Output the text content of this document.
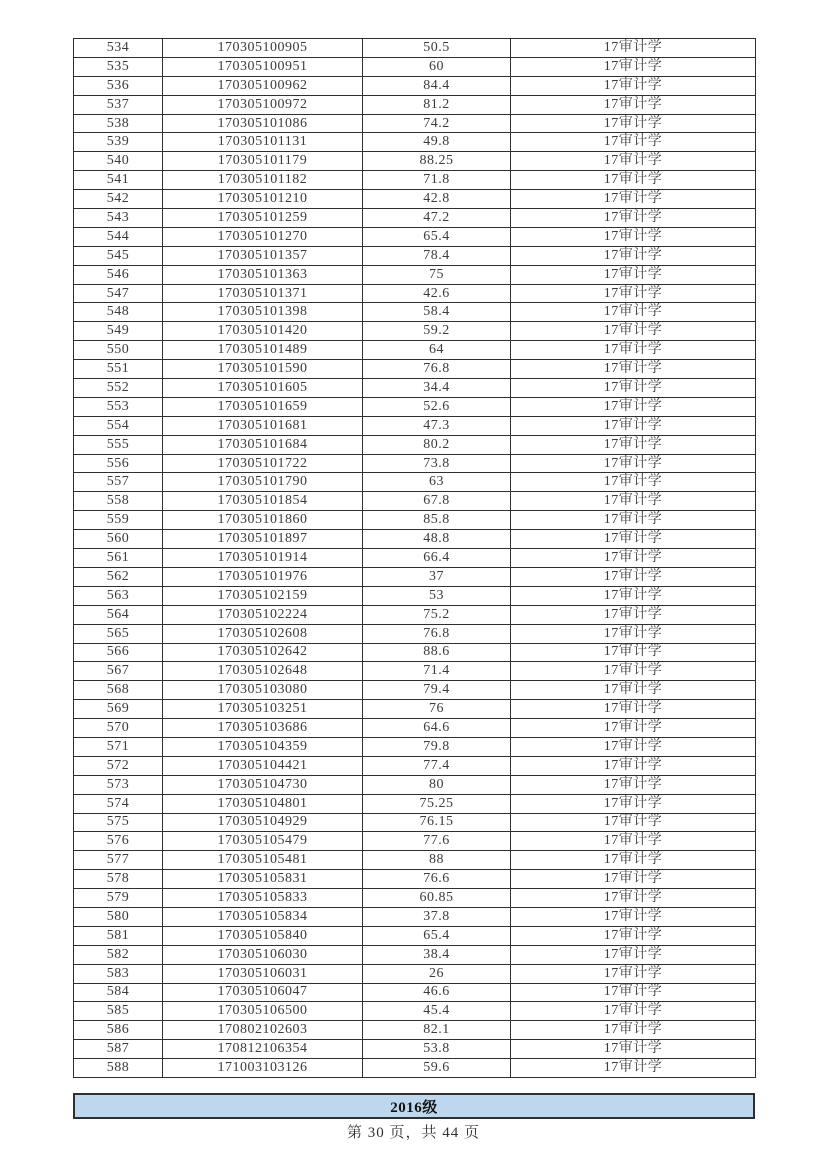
534	170305100905	50.5	17审计学
535	170305100951	60	17审计学
536	170305100962	84.4	17审计学
537	170305100972	81.2	17审计学
538	170305101086	74.2	17审计学
539	170305101131	49.8	17审计学
540	170305101179	88.25	17审计学
541	170305101182	71.8	17审计学
542	170305101210	42.8	17审计学
543	170305101259	47.2	17审计学
544	170305101270	65.4	17审计学
545	170305101357	78.4	17审计学
546	170305101363	75	17审计学
547	170305101371	42.6	17审计学
548	170305101398	58.4	17审计学
549	170305101420	59.2	17审计学
550	170305101489	64	17审计学
551	170305101590	76.8	17审计学
552	170305101605	34.4	17审计学
553	170305101659	52.6	17审计学
554	170305101681	47.3	17审计学
555	170305101684	80.2	17审计学
556	170305101722	73.8	17审计学
557	170305101790	63	17审计学
558	170305101854	67.8	17审计学
559	170305101860	85.8	17审计学
560	170305101897	48.8	17审计学
561	170305101914	66.4	17审计学
562	170305101976	37	17审计学
563	170305102159	53	17审计学
564	170305102224	75.2	17审计学
565	170305102608	76.8	17审计学
566	170305102642	88.6	17审计学
567	170305102648	71.4	17审计学
568	170305103080	79.4	17审计学
569	170305103251	76	17审计学
570	170305103686	64.6	17审计学
571	170305104359	79.8	17审计学
572	170305104421	77.4	17审计学
573	170305104730	80	17审计学
574	170305104801	75.25	17审计学
575	170305104929	76.15	17审计学
576	170305105479	77.6	17审计学
577	170305105481	88	17审计学
578	170305105831	76.6	17审计学
579	170305105833	60.85	17审计学
580	170305105834	37.8	17审计学
581	170305105840	65.4	17审计学
582	170305106030	38.4	17审计学
583	170305106031	26	17审计学
584	170305106047	46.6	17审计学
585	170305106500	45.4	17审计学
586	170802102603	82.1	17审计学
587	170812106354	53.8	17审计学
588	171003103126	59.6	17审计学
2016级
第 30 页，共 44 页
